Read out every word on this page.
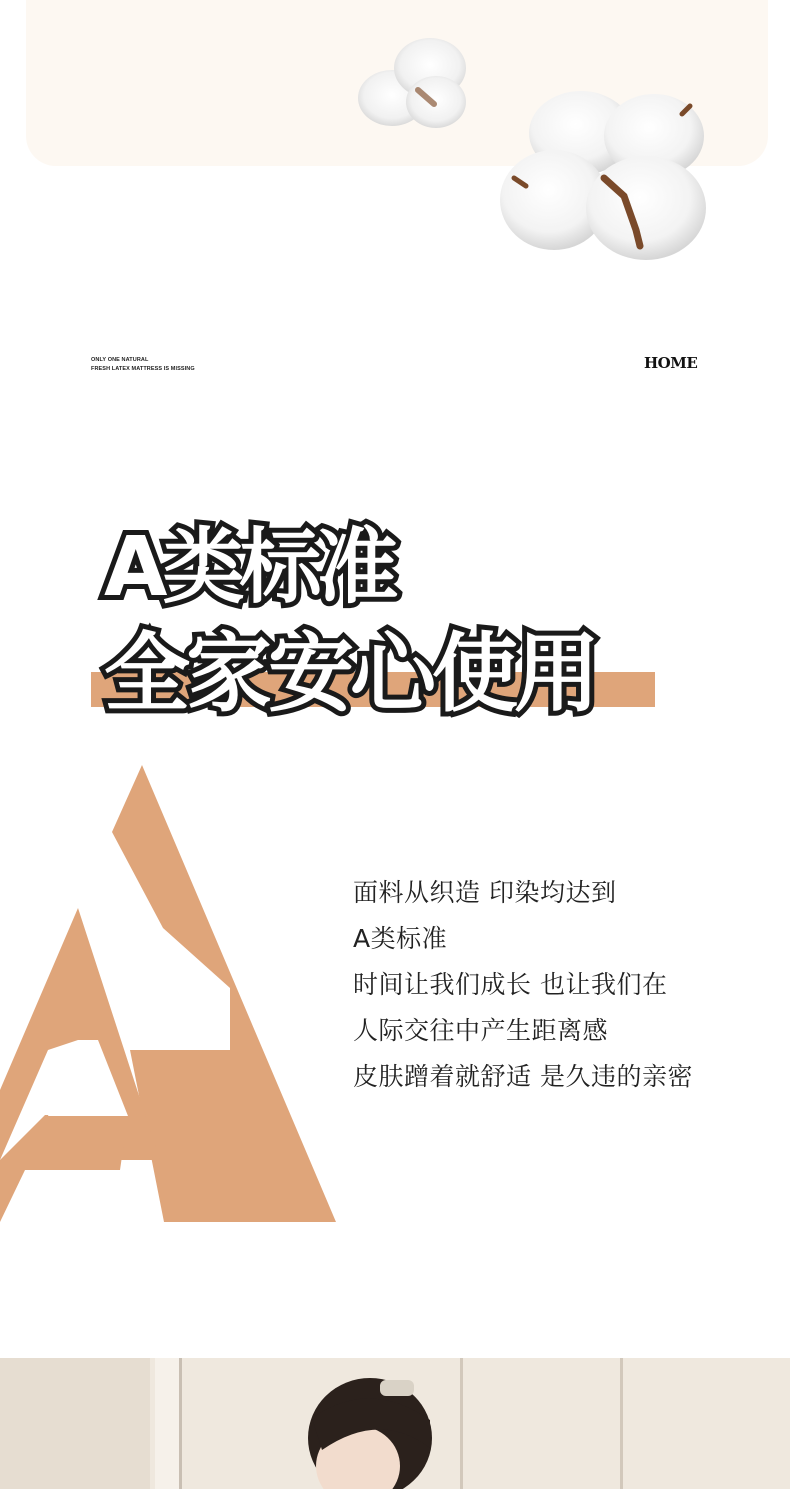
ONLY ONE NATURAL
FRESH LATEX MATTRESS IS MISSING	HOME
A类标准
全家安心使用
面料从织造 印染均达到
A类标准
时间让我们成长 也让我们在
人际交往中产生距离感
皮肤蹭着就舒适 是久违的亲密
